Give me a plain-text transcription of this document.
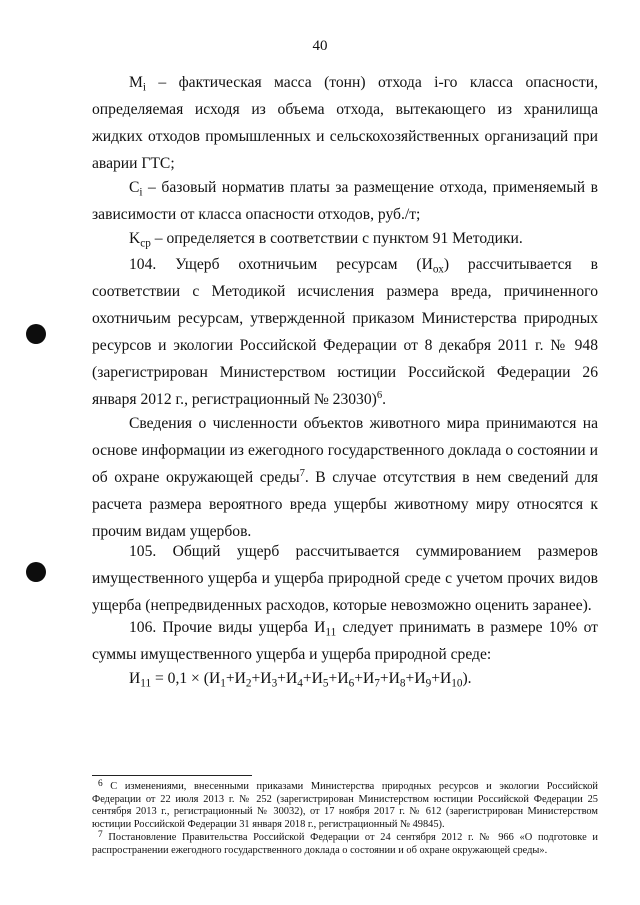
40

$M_i$ – фактическая масса (тонн) отхода i-го класса опасности, определяемая исходя из объема отхода, вытекающего из хранилища жидких отходов промышленных и сельскохозяйственных организаций при аварии ГТС;

$C_i$ – базовый норматив платы за размещение отхода, применяемый в зависимости от класса опасности отходов, руб./т;

$K_{ср}$ – определяется в соответствии с пунктом 91 Методики.

104. Ущерб охотничьим ресурсам $(И_{ох})$ рассчитывается в соответствии с Методикой исчисления размера вреда, причиненного охотничьим ресурсам, утвержденной приказом Министерства природных ресурсов и экологии Российской Федерации от 8 декабря 2011 г. № 948 (зарегистрирован Министерством юстиции Российской Федерации 26 января 2012 г., регистрационный № 23030)$^6$.

Сведения о численности объектов животного мира принимаются на основе информации из ежегодного государственного доклада о состоянии и об охране окружающей среды$^7$. В случае отсутствия в нем сведений для расчета размера вероятного вреда ущербы животному миру относятся к прочим видам ущербов.

105. Общий ущерб рассчитывается суммированием размеров имущественного ущерба и ущерба природной среде с учетом прочих видов ущерба (непредвиденных расходов, которые невозможно оценить заранее).

106. Прочие виды ущерба $И_{11}$ следует принимать в размере 10% от суммы имущественного ущерба и ущерба природной среде:

$И_{11} = 0,1 \times (И_1+И_2+И_3+И_4+И_5+И_6+И_7+И_8+И_9+И_{10})$.

$^6$ С изменениями, внесенными приказами Министерства природных ресурсов и экологии Российской Федерации от 22 июля 2013 г. № 252 (зарегистрирован Министерством юстиции Российской Федерации 25 сентября 2013 г., регистрационный № 30032), от 17 ноября 2017 г. № 612 (зарегистрирован Министерством юстиции Российской Федерации 31 января 2018 г., регистрационный № 49845).

$^7$ Постановление Правительства Российской Федерации от 24 сентября 2012 г. № 966 «О подготовке и распространении ежегодного государственного доклада о состоянии и об охране окружающей среды».
